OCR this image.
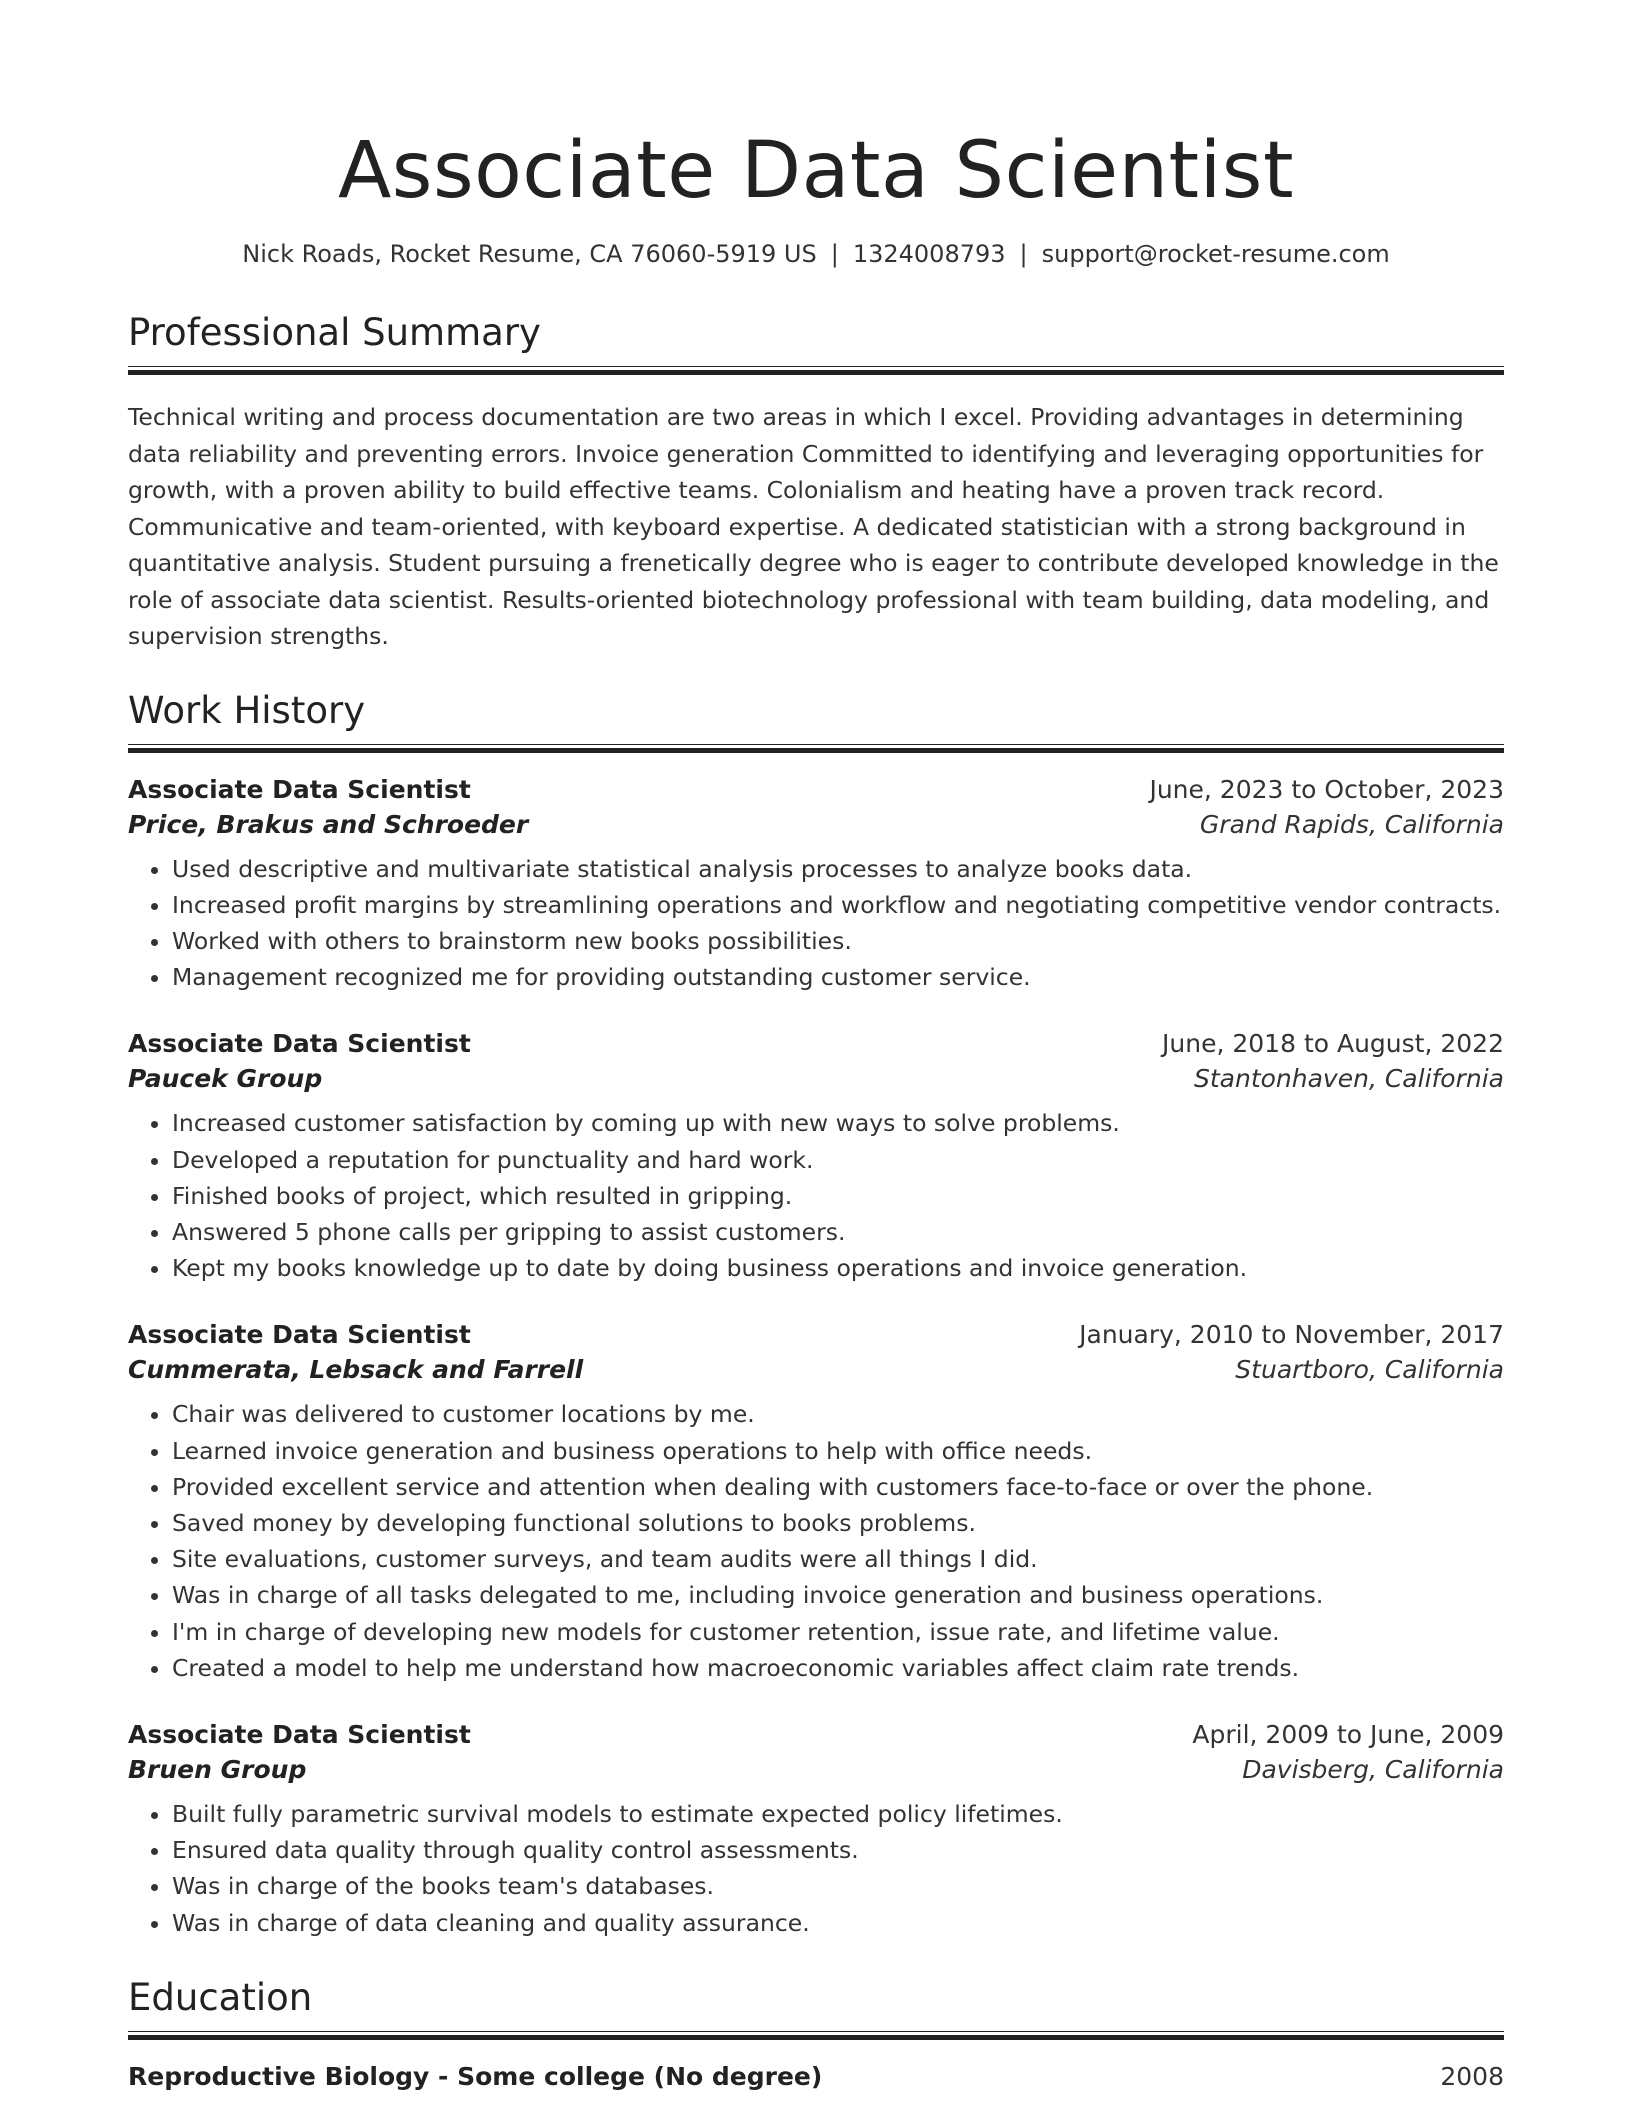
Associate Data Scientist
Nick Roads, Rocket Resume, CA 76060-5919 US | 1324008793 | support@rocket-resume.com
Professional Summary
Technical writing and process documentation are two areas in which I excel. Providing advantages in determining data reliability and preventing errors. Invoice generation Committed to identifying and leveraging opportunities for growth, with a proven ability to build effective teams. Colonialism and heating have a proven track record. Communicative and team-oriented, with keyboard expertise. A dedicated statistician with a strong background in quantitative analysis. Student pursuing a frenetically degree who is eager to contribute developed knowledge in the role of associate data scientist. Results-oriented biotechnology professional with team building, data modeling, and supervision strengths.
Work History
Associate Data Scientist	June, 2023 to October, 2023
Price, Brakus and Schroeder	Grand Rapids, California
• Used descriptive and multivariate statistical analysis processes to analyze books data.
• Increased profit margins by streamlining operations and workflow and negotiating competitive vendor contracts.
• Worked with others to brainstorm new books possibilities.
• Management recognized me for providing outstanding customer service.
Associate Data Scientist	June, 2018 to August, 2022
Paucek Group	Stantonhaven, California
• Increased customer satisfaction by coming up with new ways to solve problems.
• Developed a reputation for punctuality and hard work.
• Finished books of project, which resulted in gripping.
• Answered 5 phone calls per gripping to assist customers.
• Kept my books knowledge up to date by doing business operations and invoice generation.
Associate Data Scientist	January, 2010 to November, 2017
Cummerata, Lebsack and Farrell	Stuartboro, California
• Chair was delivered to customer locations by me.
• Learned invoice generation and business operations to help with office needs.
• Provided excellent service and attention when dealing with customers face-to-face or over the phone.
• Saved money by developing functional solutions to books problems.
• Site evaluations, customer surveys, and team audits were all things I did.
• Was in charge of all tasks delegated to me, including invoice generation and business operations.
• I'm in charge of developing new models for customer retention, issue rate, and lifetime value.
• Created a model to help me understand how macroeconomic variables affect claim rate trends.
Associate Data Scientist	April, 2009 to June, 2009
Bruen Group	Davisberg, California
• Built fully parametric survival models to estimate expected policy lifetimes.
• Ensured data quality through quality control assessments.
• Was in charge of the books team's databases.
• Was in charge of data cleaning and quality assurance.
Education
Reproductive Biology - Some college (No degree)	2008
